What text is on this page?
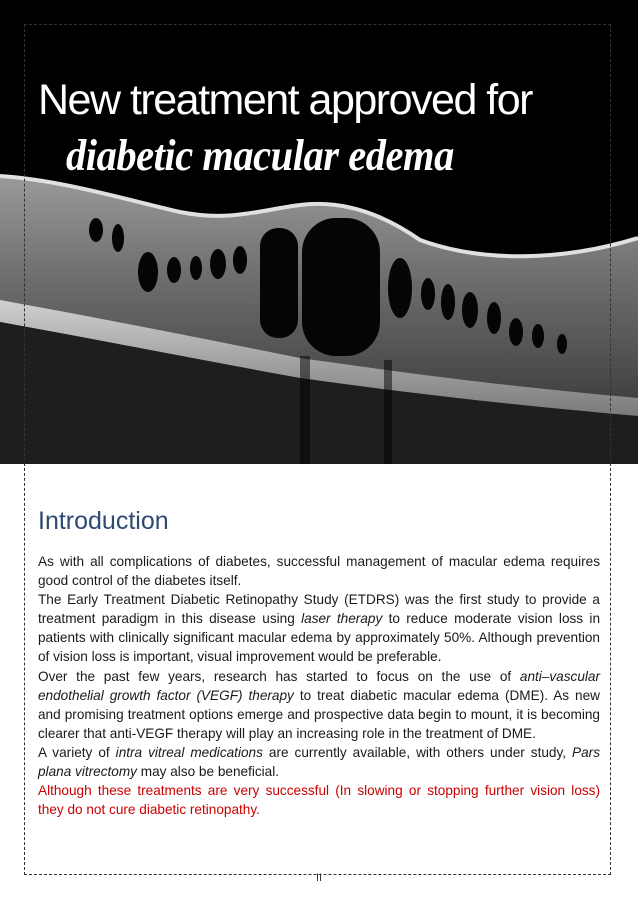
New treatment approved for
diabetic macular edema
Introduction

As with all complications of diabetes, successful management of macular edema requires good control of the diabetes itself.

The Early Treatment Diabetic Retinopathy Study (ETDRS) was the first study to provide a treatment paradigm in this disease using laser therapy to reduce moderate vision loss in patients with clinically significant macular edema by approximately 50%. Although prevention of vision loss is important, visual improvement would be preferable.

Over the past few years, research has started to focus on the use of anti–vascular endothelial growth factor (VEGF) therapy to treat diabetic macular edema (DME). As new and promising treatment options emerge and prospective data begin to mount, it is becoming clearer that anti-VEGF therapy will play an increasing role in the treatment of DME.

A variety of intra vitreal medications are currently available, with others under study, Pars plana vitrectomy may also be beneficial.

Although these treatments are very successful (In slowing or stopping further vision loss) they do not cure diabetic retinopathy.

II
